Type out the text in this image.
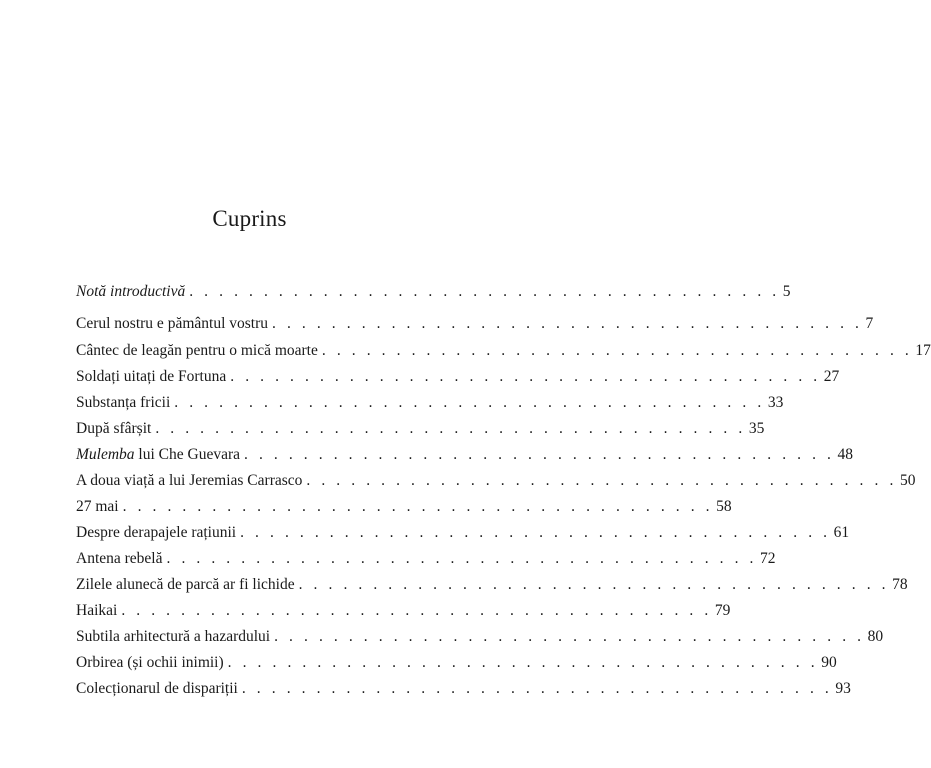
Cuprins
Notă introductivă . . . . . . . . . . . . . . . . . . . . . . . . . . . . . . . . . . . . . . . . 5
Cerul nostru e pământul vostru . . . . . . . . . . . . . . . . . . . . . . . . . . . . . . . . . . . . . . . . 7
Cântec de leagăn pentru o mică moarte . . . . . . . . . . . . . . . . . . . . . . . . . . . . . . . . . . . . . . . . 17
Soldați uitați de Fortuna . . . . . . . . . . . . . . . . . . . . . . . . . . . . . . . . . . . . . . . . 27
Substanța fricii . . . . . . . . . . . . . . . . . . . . . . . . . . . . . . . . . . . . . . . . 33
După sfârșit . . . . . . . . . . . . . . . . . . . . . . . . . . . . . . . . . . . . . . . . 35
Mulemba lui Che Guevara . . . . . . . . . . . . . . . . . . . . . . . . . . . . . . . . . . . . . . . . 48
A doua viață a lui Jeremias Carrasco . . . . . . . . . . . . . . . . . . . . . . . . . . . . . . . . . . . . . . . . 50
27 mai . . . . . . . . . . . . . . . . . . . . . . . . . . . . . . . . . . . . . . . . 58
Despre derapajele rațiunii . . . . . . . . . . . . . . . . . . . . . . . . . . . . . . . . . . . . . . . . 61
Antena rebelă . . . . . . . . . . . . . . . . . . . . . . . . . . . . . . . . . . . . . . . . 72
Zilele alunecă de parcă ar fi lichide . . . . . . . . . . . . . . . . . . . . . . . . . . . . . . . . . . . . . . . . 78
Haikai . . . . . . . . . . . . . . . . . . . . . . . . . . . . . . . . . . . . . . . . 79
Subtila arhitectură a hazardului . . . . . . . . . . . . . . . . . . . . . . . . . . . . . . . . . . . . . . . . 80
Orbirea (și ochii inimii) . . . . . . . . . . . . . . . . . . . . . . . . . . . . . . . . . . . . . . . . 90
Colecționarul de dispariții . . . . . . . . . . . . . . . . . . . . . . . . . . . . . . . . . . . . . . . . 93
